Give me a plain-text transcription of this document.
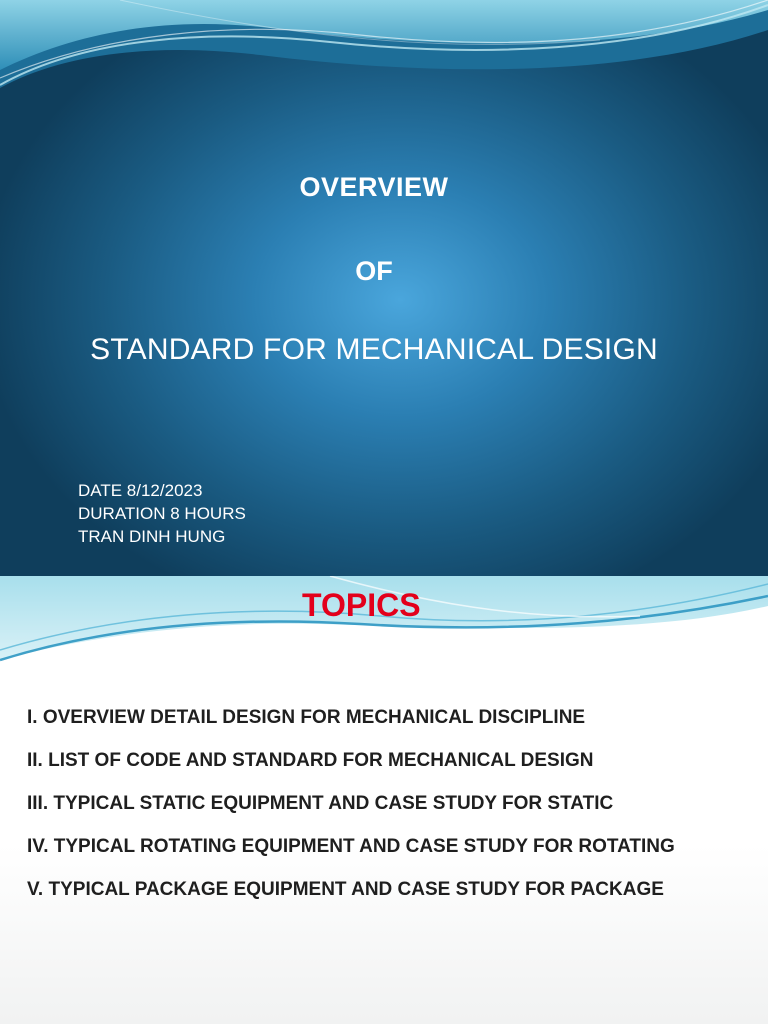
OVERVIEW
OF
STANDARD FOR MECHANICAL DESIGN
DATE 8/12/2023
DURATION 8 HOURS
TRAN DINH HUNG
TOPICS
I. OVERVIEW DETAIL DESIGN FOR MECHANICAL DISCIPLINE
II. LIST OF CODE AND STANDARD FOR MECHANICAL DESIGN
III. TYPICAL STATIC EQUIPMENT AND CASE STUDY FOR STATIC
IV. TYPICAL ROTATING EQUIPMENT AND CASE STUDY FOR ROTATING
V. TYPICAL PACKAGE EQUIPMENT AND CASE STUDY FOR PACKAGE
